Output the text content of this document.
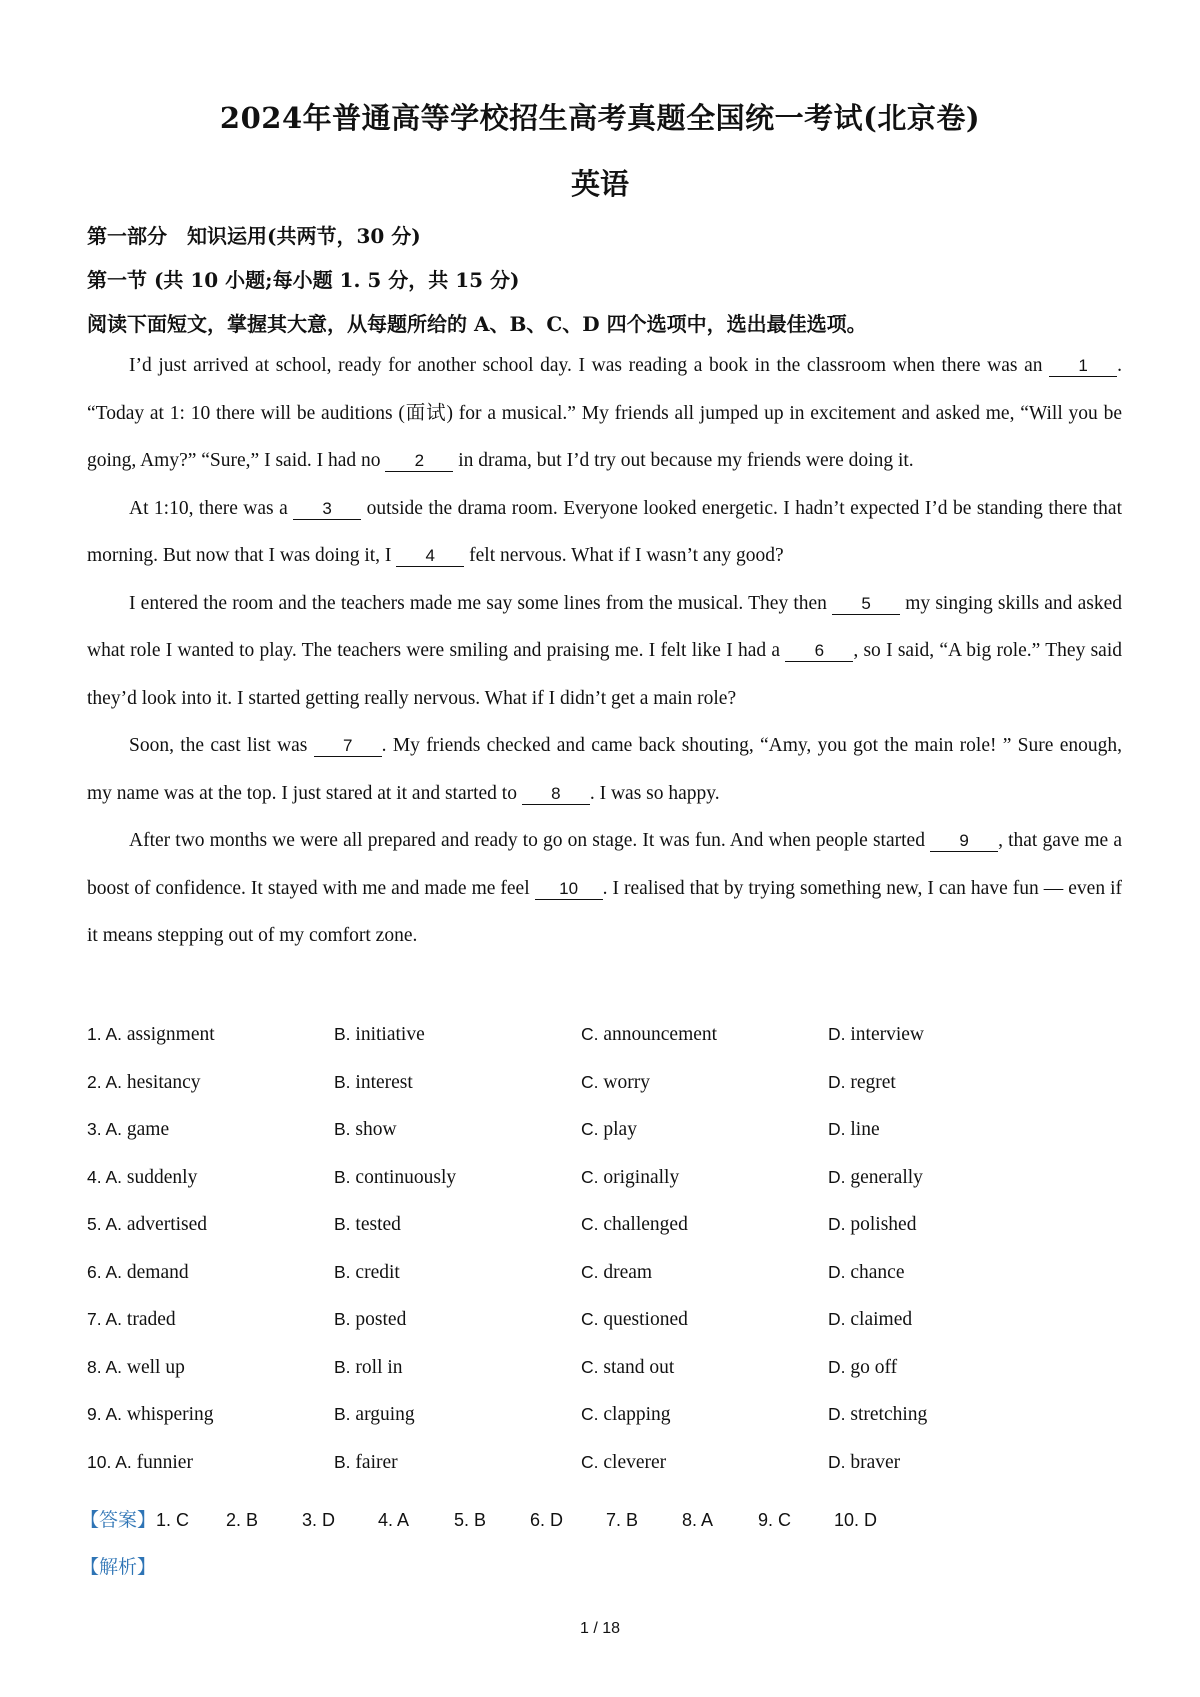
2024年普通高等学校招生高考真题全国统一考试(北京卷)
英语
第一部分　知识运用(共两节，30 分)
第一节 (共 10 小题;每小题 1. 5 分，共 15 分)
阅读下面短文，掌握其大意，从每题所给的 A、B、C、D 四个选项中，选出最佳选项。

I’d just arrived at school, ready for another school day. I was reading a book in the classroom when there was an 1 . “Today at 1: 10 there will be auditions (面试) for a musical.” My friends all jumped up in excitement and asked me, “Will you be going, Amy?” “Sure,” I said. I had no 2 in drama, but I’d try out because my friends were doing it.

At 1:10, there was a 3 outside the drama room. Everyone looked energetic. I hadn’t expected I’d be standing there that morning. But now that I was doing it, I 4 felt nervous. What if I wasn’t any good?

I entered the room and the teachers made me say some lines from the musical. They then 5 my singing skills and asked what role I wanted to play. The teachers were smiling and praising me. I felt like I had a 6 , so I said, “A big role.” They said they’d look into it. I started getting really nervous. What if I didn’t get a main role?

Soon, the cast list was 7 . My friends checked and came back shouting, “Amy, you got the main role! ” Sure enough, my name was at the top. I just stared at it and started to 8 . I was so happy.

After two months we were all prepared and ready to go on stage. It was fun. And when people started 9 , that gave me a boost of confidence. It stayed with me and made me feel 10 . I realised that by trying something new, I can have fun — even if it means stepping out of my comfort zone.

1. A. assignment	B. initiative	C. announcement	D. interview
2. A. hesitancy	B. interest	C. worry	D. regret
3. A. game	B. show	C. play	D. line
4. A. suddenly	B. continuously	C. originally	D. generally
5. A. advertised	B. tested	C. challenged	D. polished
6. A. demand	B. credit	C. dream	D. chance
7. A. traded	B. posted	C. questioned	D. claimed
8. A. well up	B. roll in	C. stand out	D. go off
9. A. whispering	B. arguing	C. clapping	D. stretching
10. A. funnier	B. fairer	C. cleverer	D. braver
【答案】1. C 2. B 3. D 4. A 5. B 6. D 7. B 8. A 9. C 10. D
【解析】
1 / 18
